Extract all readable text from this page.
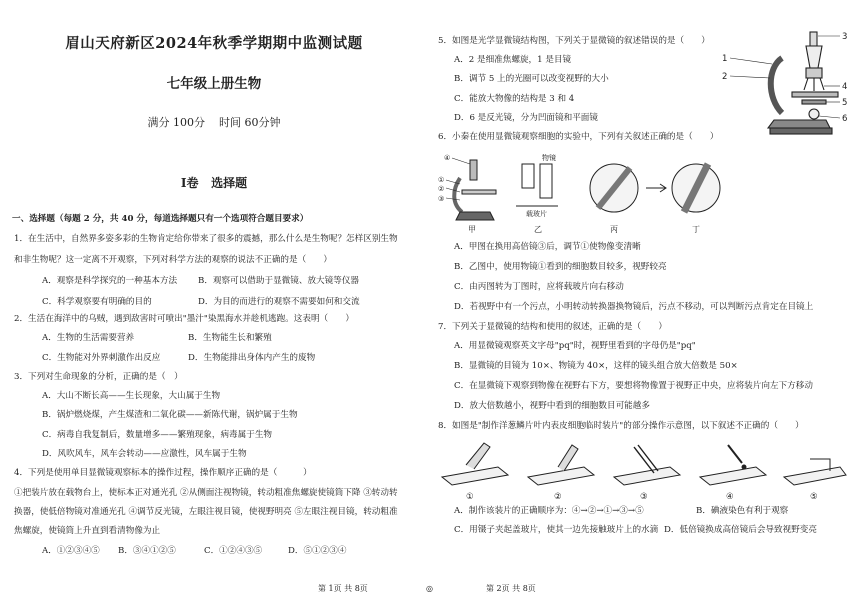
眉山天府新区2024年秋季学期期中监测试题
七年级上册生物
满分 100分    时间 60分钟
Ⅰ卷   选择题
一、选择题（每题 2 分，共 40 分，每道选择题只有一个选项符合题目要求）
1．在生活中，自然界多姿多彩的生物肯定给你带来了很多的震撼，那么什么是生物呢？怎样区别生物
和非生物呢？这一定离不开观察，下列对科学方法的观察的说法不正确的是（　　）
A．观察是科学探究的一种基本方法 B．观察可以借助于显微镜、放大镜等仪器
C．科学观察要有明确的目的	D．为目的而进行的观察不需要如何和交流
2．生活在海洋中的乌贼，遇到敌害时可喷出"墨汁"染黑海水并趁机逃跑。这表明（　　）
A．生物的生活需要营养	B．生物能生长和繁殖
C．生物能对外界刺激作出反应	D．生物能排出身体内产生的废物
3．下列对生命现象的分析，正确的是（　）
A．大山不断长高——生长现象，大山属于生物
B．锅炉燃烧煤，产生煤渣和二氧化碳——新陈代谢，锅炉属于生物
C．病毒自我复制后，数量增多——繁殖现象，病毒属于生物
D．风吹风车，风车会转动——应激性，风车属于生物
4．下列是使用单目显微镜观察标本的操作过程，操作顺序正确的是（　　　）
①把装片放在载物台上，使标本正对通光孔 ②从侧面注视物镜，转动粗准焦螺旋使镜筒下降 ③转动转
换器，使低倍物镜对准通光孔 ④调节反光镜，左眼注视目镜，使视野明亮 ⑤左眼注视目镜，转动粗准
焦螺旋，使镜筒上升直到看清物像为止
A．①②③④⑤ B．③④①②⑤	C．①②④③⑤	D．⑤①②③④
5．如图是光学显微镜结构图，下列关于显微镜的叙述错误的是（　　）
A．2 是细准焦螺旋，1 是目镜
B．调节 5 上的光圈可以改变视野的大小
C．能放大物像的结构是 3 和 4
D．6 是反光镜，分为凹面镜和平面镜
3
1
2
4
5
6
6．小秦在使用显微镜观察细胞的实验中，下列有关叙述正确的是（　　）
④
①
②
③
物镜
载玻片
甲	乙	丙	丁
A．甲图在换用高倍镜③后，调节①使物像变清晰
B．乙图中，使用物镜①看到的细胞数目较多，视野较亮
C．由丙图转为丁图时，应将载玻片向右移动
D．若视野中有一个污点，小明转动转换器换物镜后，污点不移动，可以判断污点肯定在目镜上
7．下列关于显微镜的结构和使用的叙述，正确的是（　　）
A．用显微镜观察英文字母"pq"时，视野里看到的字母仍是"pq"
B．显微镜的目镜为 10×、物镜为 40×，这样的镜头组合放大倍数是 50×
C．在显微镜下观察到物像在视野右下方，要想将物像置于视野正中央，应将装片向左下方移动
D．放大倍数越小，视野中看到的细胞数目可能越多
8．如图是"制作洋葱鳞片叶内表皮细胞临时装片"的部分操作示意图，以下叙述不正确的（　　）
①	②	③	④	⑤
A．制作该装片的正确顺序为：④→②→①→③→⑤	B．碘液染色有利于观察
C．用镊子夹起盖玻片，使其一边先接触玻片上的水滴 D．低倍镜换成高倍镜后会导致视野变亮
第 1页 共 8页	◎	第 2页 共 8页
